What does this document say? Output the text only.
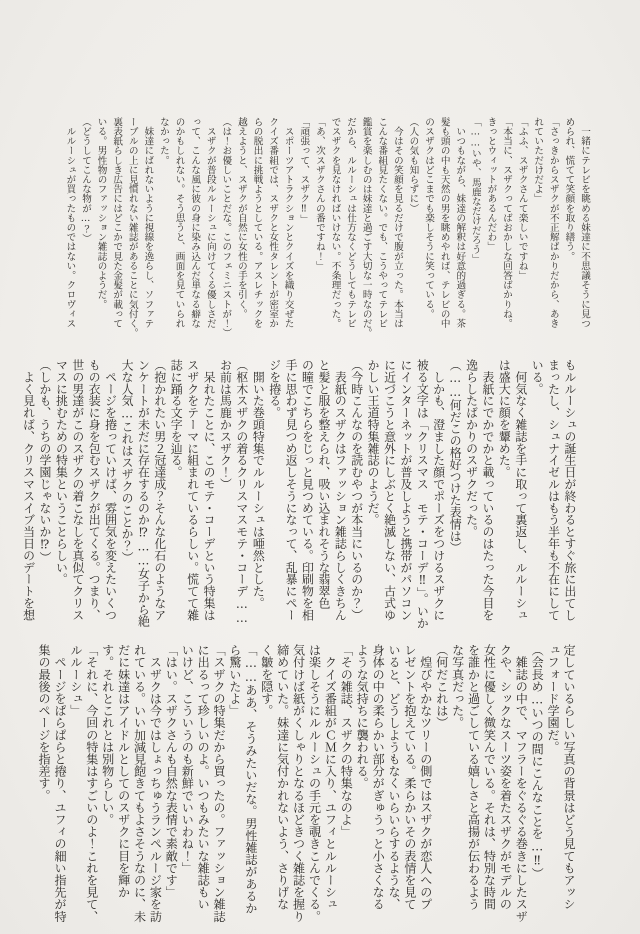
　一緒にテレビを眺める妹達に不思議そうに見つ
められ、慌てて笑顔を取り繕う。
「さっきからスザクが不正解ばかりだから、あき
れていただけだよ」
「ふふ、スザクさんて楽しいですね」
「本当に、スザクってばおかしな回答ばかりね。
きっとウィットがあるんだわ」
「……いや、馬鹿なだけだろう」
　いつもながら、妹達の解釈は好意的過ぎる。茶
髪も頭の中も天然の男を眺めやれば、テレビの中
のスザクはどこまでも楽しそうに笑っている。
（人の気も知らずに）
　今はその笑顔を見るだけで腹が立った。本当は
こんな番組見たくない。でも、こうやってテレビ
鑑賞を楽しむのは妹達と過ごす大切な一時なのだ。
だから、ルルーシュは仕方なくどうしてもテレビ
でスザクを見なければいけない。不条理だった。
「あ、次スザクさんの番ですね！」
「頑張って、スザク‼」
　スポーツアトラクションとクイズを織り交ぜた
クイズ番組では、スザクと女性タレントが密室か
らの脱出に挑戦ようとしている。アスレチックを
越えようと、スザクが自然に女性の手を引く。
（は！お優しいことだな。このフェミニストが！）
　スザクが普段ルルーシュに向けてくる優しさだ
って、こんな風に彼の身に染み込んだ単なる癖な
のかもしれない。そう思うと、画面を見ていられ
なかった。
　妹達にばれないように視線を逸らし、ソファテ
ーブルの上に見慣れない雑誌があることに気付く。
裏表紙らしき広告にはどこかで見た金髪が載って
いる。男性物のファッション雑誌のようだ。
（どうしてこんな物が…？）
　ルルーシュが買ったものではない。クロヴィス
もルルーシュの誕生日が終わるとすぐ旅に出てし
まったし、シュナイゼルはもう半年も不在にして
いる。
　何気なく雑誌を手に取って裏返し、ルルーシュ
は盛大に顔を顰めた。
　表紙にでかでかと載っているのはたった今目を
逸らしたばかりのスザクだった。
（……何だこの格好つけた表情は）
　しかも、澄ました顔でポーズをつけるスザクに
被る文字は「クリスマス　モテ・コーデ‼」。いか
にインターネットが普及しようと携帯がパソコン
に近づこうと意外にしぶとく絶滅しない、古式ゆ
かしい王道特集雑誌のようだ。
（今時こんなのを読むやつが本当にいるのか？）
　表紙のスザクはファッション雑誌らしくきちん
と髪と服を整えられ、吸い込まれそうな翡翠色
の瞳でこちらをじっと見つめている。印刷物を相
手に思わず見つめ返しそうになって、乱暴にペー
ジを捲る。
　開いた巻頭特集でルルーシュは唖然とした。
（枢木スザクの着るクリスマスモテ・コーデ……
お前は馬鹿かスザク！）
　呆れたことに、このモテ・コーデという特集は
スザクをテーマに組まれているらしい。慌てて雑
誌に踊る文字を辿る。
（抱かれたい男２冠達成？そんな化石のようなア
ンケートが未だに存在するのか⁉……女子から絶
大な人気…これはスザクのことか？）
　ページを捲っていけば、雰囲気を変えたいくつ
もの衣装に身を包むスザクが出てくる。つまり、
世の男達がこのスザクの着こなしを真似てクリス
マスに挑むための特集ということらしい。
（しかも、うちの学園じゃないか⁉）
　よく見れば、クリスマスイブ当日のデートを想
定しているらしい写真の背景はどう見てもアッシ
ュフォード学園だ。
（会長め…いつの間にこんなことを…‼）
　雑誌の中で、マフラーをぐるぐる巻きにしたスザ
クや、シックなスーツ姿を着たスザクがモデルの
女性に優しく微笑んでいる。それは、特別な時間
を誰かと過ごしている嬉しさと高揚が伝わるよう
な写真だった。
（何だこれは）
　煌びやかなツリーの側ではスザクが恋人へのプ
レゼントを抱えている。柔らかいその表情を見て
いると、どうしようもなくいらいらするような、
身体の中の柔らかい部分がぎゅうっと小さくなる
ような気持ちに襲われる。
「その雑誌、スザクの特集なのよ」
　クイズ番組がＣＭに入り、ユフィとルルーシュ
は楽しそうにルルーシュの手元を覗きこんでくる。
気付けば紙がくしゃりとなるほどきつく雑誌を握り
締めていた。妹達に気付かれないよう、さりげな
く皺を隠す。
「……ああ、そうみたいだな。男性雑誌があるか
ら驚いたよ」
「スザクの特集だから買ったの。ファッション雑誌
に出るって珍しいのよ。いつもみたいな雑誌もい
いけど、こういうのも新鮮でいいわね！」
「はい。スザクさんも自然な表情で素敵です」
　スザクは今ではしょっちゅうランペルージ家を訪
れている。いい加減見飽きてもよさそうなのに、未
だに妹達はアイドルとしてのスザクに目を輝か
す。それとこれとは別物らしい。
「それに、今回の特集はすごいのよ！これを見て、
ルルーシュ」
　ページをぱらぱらと捲り、ユフィの細い指先が特
集の最後のページを指差す。
